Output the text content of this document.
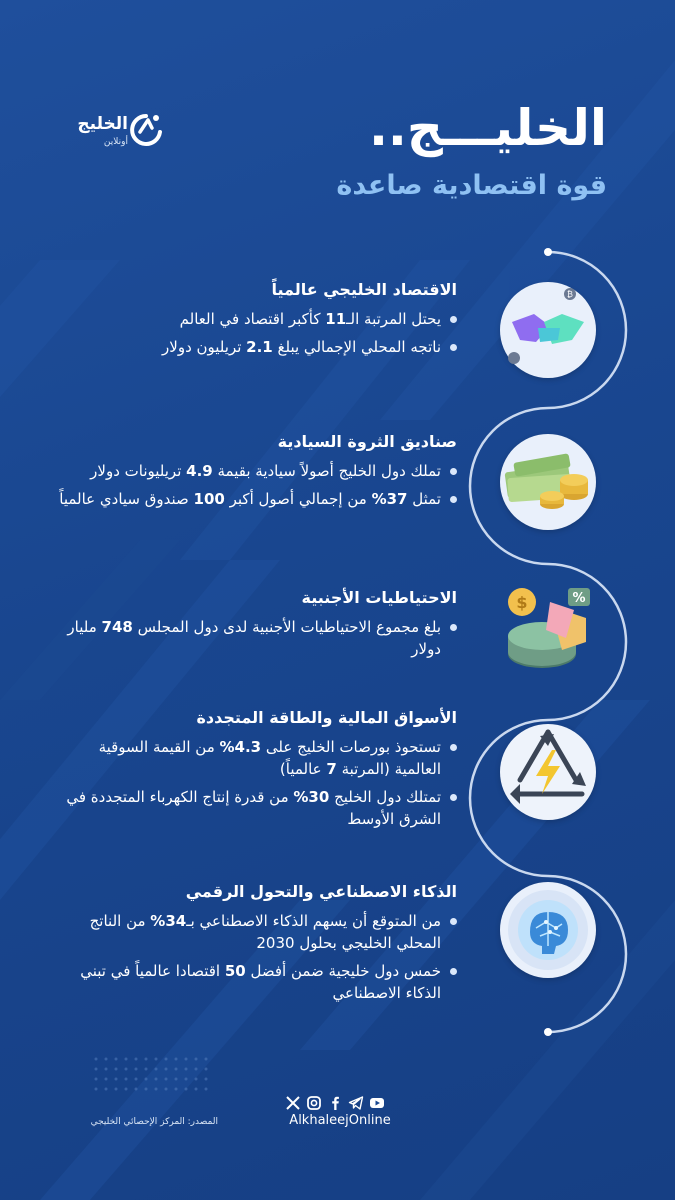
الخليـــج..
قوة اقتصادية صاعدة
الخليج
أونلاين
الاقتصاد الخليجي عالمياً
يحتل المرتبة الـ11 كأكبر اقتصاد في العالم
ناتجه المحلي الإجمالي يبلغ 2.1 تريليون دولار
₿
صناديق الثروة السيادية
تملك دول الخليج أصولاً سيادية بقيمة 4.9 تريليونات دولار
تمثل 37% من إجمالي أصول أكبر 100 صندوق سيادي عالمياً
الاحتياطيات الأجنبية
بلغ مجموع الاحتياطيات الأجنبية لدى دول المجلس 748 مليار دولار
$	%
الأسواق المالية والطاقة المتجددة
تستحوذ بورصات الخليج على 4.3% من القيمة السوقية العالمية (المرتبة 7 عالمياً)
تمتلك دول الخليج 30% من قدرة إنتاج الكهرباء المتجددة في الشرق الأوسط
الذكاء الاصطناعي والتحول الرقمي
من المتوقع أن يسهم الذكاء الاصطناعي بـ34% من الناتج المحلي الخليجي بحلول 2030
خمس دول خليجية ضمن أفضل 50 اقتصادا عالمياً في تبني الذكاء الاصطناعي
المصدر: المركز الإحصائي الخليجي	AlkhaleejOnline
